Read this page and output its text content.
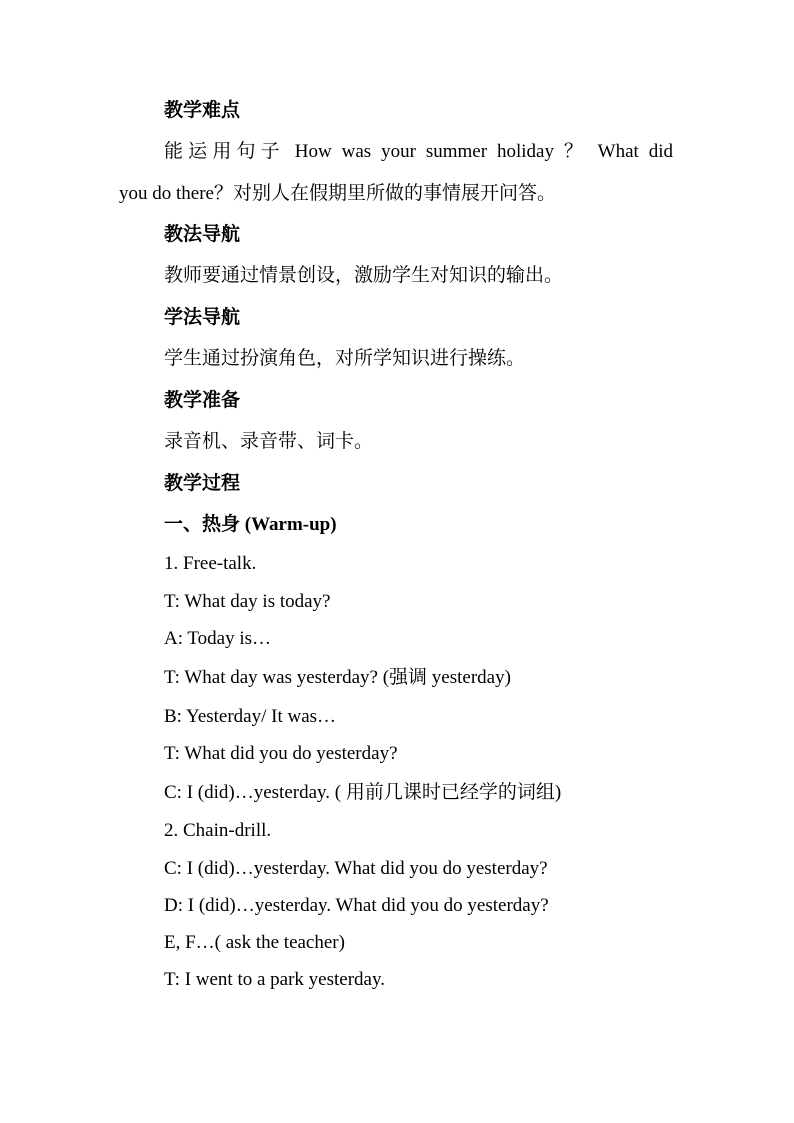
教学难点
能运用句子 How was your summer holiday ？ What did
you do there？对别人在假期里所做的事情展开问答。
教法导航
教师要通过情景创设，激励学生对知识的输出。
学法导航
学生通过扮演角色，对所学知识进行操练。
教学准备
录音机、录音带、词卡。
教学过程
一、热身 (Warm-up)
1. Free-talk.
T: What day is today?
A: Today is…
T: What day was yesterday? (强调 yesterday)
B: Yesterday/ It was…
T: What did you do yesterday?
C: I (did)…yesterday. ( 用前几课时已经学的词组)
2. Chain-drill.
C: I (did)…yesterday. What did you do yesterday?
D: I (did)…yesterday. What did you do yesterday?
E, F…( ask the teacher)
T: I went to a park yesterday.
